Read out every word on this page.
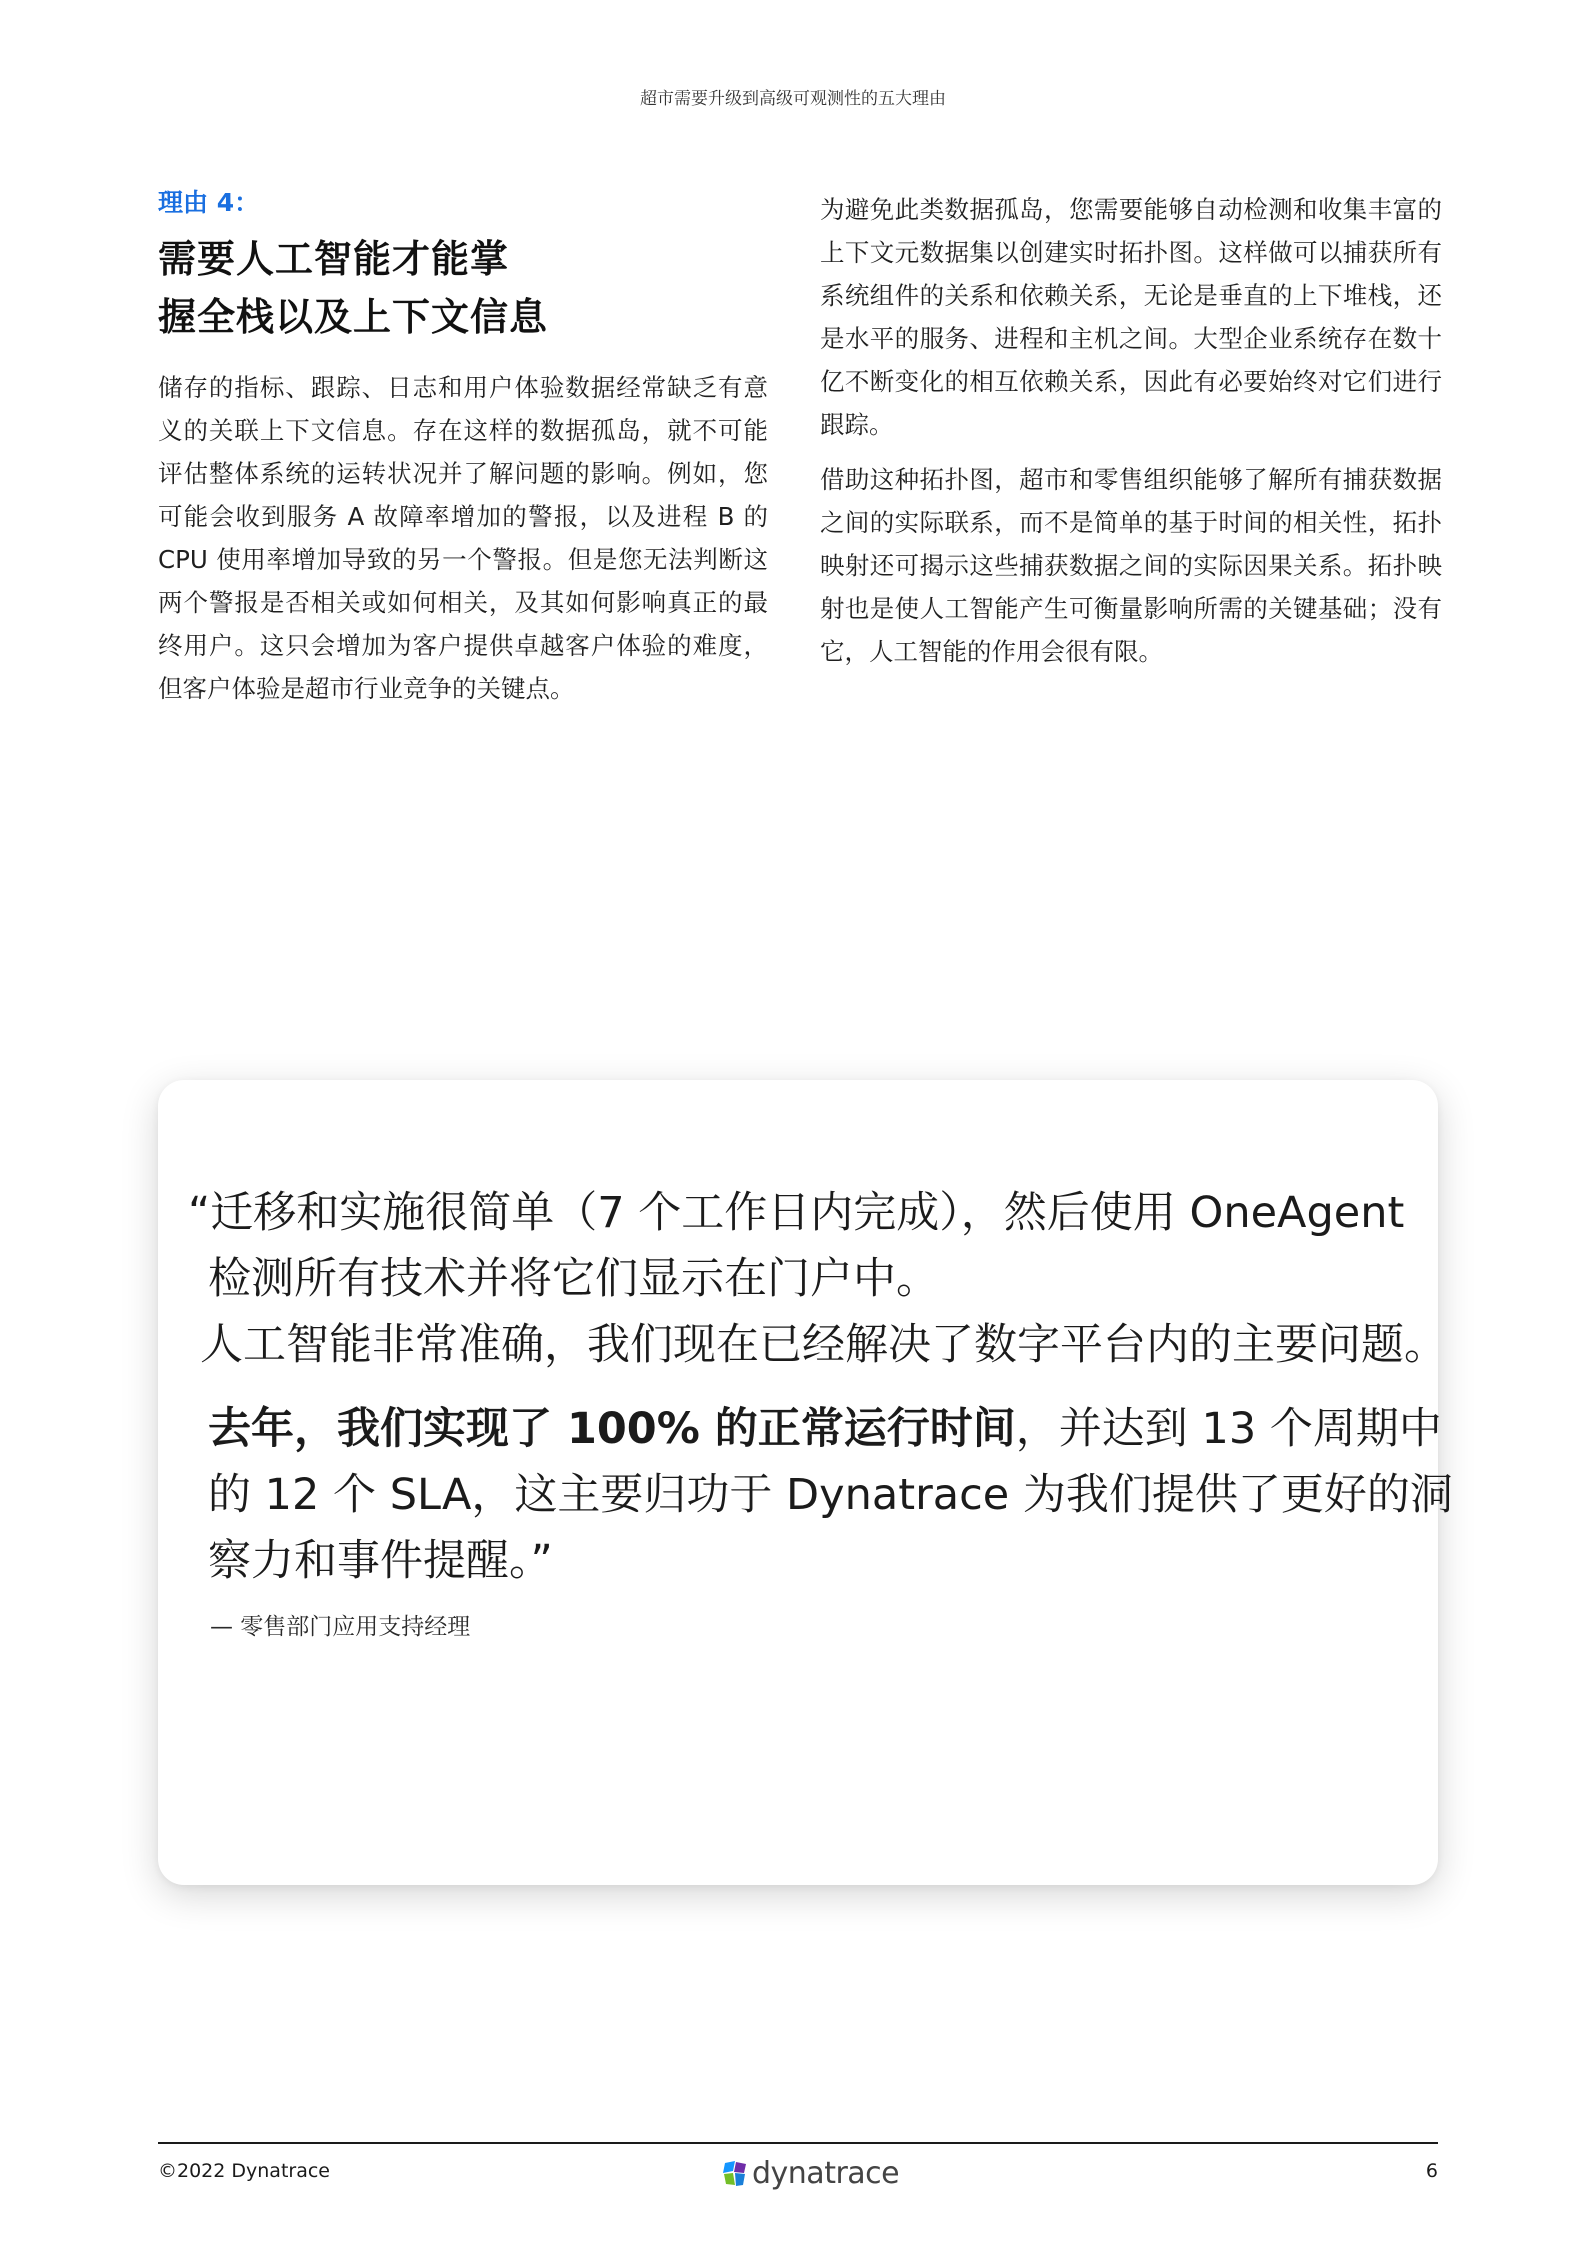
超市需要升级到高级可观测性的五大理由
理由 4：
需要人工智能才能掌
握全栈以及上下文信息

储存的指标、跟踪、日志和用户体验数据经常缺乏有意义的关联上下文信息。存在这样的数据孤岛，就不可能评估整体系统的运转状况并了解问题的影响。例如，您可能会收到服务 A 故障率增加的警报，以及进程 B 的 CPU 使用率增加导致的另一个警报。但是您无法判断这两个警报是否相关或如何相关，及其如何影响真正的最终用户。这只会增加为客户提供卓越客户体验的难度，但客户体验是超市行业竞争的关键点。

为避免此类数据孤岛，您需要能够自动检测和收集丰富的上下文元数据集以创建实时拓扑图。这样做可以捕获所有系统组件的关系和依赖关系，无论是垂直的上下堆栈，还是水平的服务、进程和主机之间。大型企业系统存在数十亿不断变化的相互依赖关系，因此有必要始终对它们进行跟踪。

借助这种拓扑图，超市和零售组织能够了解所有捕获数据之间的实际联系，而不是简单的基于时间的相关性，拓扑映射还可揭示这些捕获数据之间的实际因果关系。拓扑映射也是使人工智能产生可衡量影响所需的关键基础；没有它，人工智能的作用会很有限。

“迁移和实施很简单（7 个工作日内完成），然后使用 OneAgent
检测所有技术并将它们显示在门户中。
人工智能非常准确，我们现在已经解决了数字平台内的主要问题。
去年，我们实现了 100% 的正常运行时间，并达到 13 个周期中
的 12 个 SLA，这主要归功于 Dynatrace 为我们提供了更好的洞
察力和事件提醒。”
— 零售部门应用支持经理
©2022 Dynatrace	dynatrace	6
